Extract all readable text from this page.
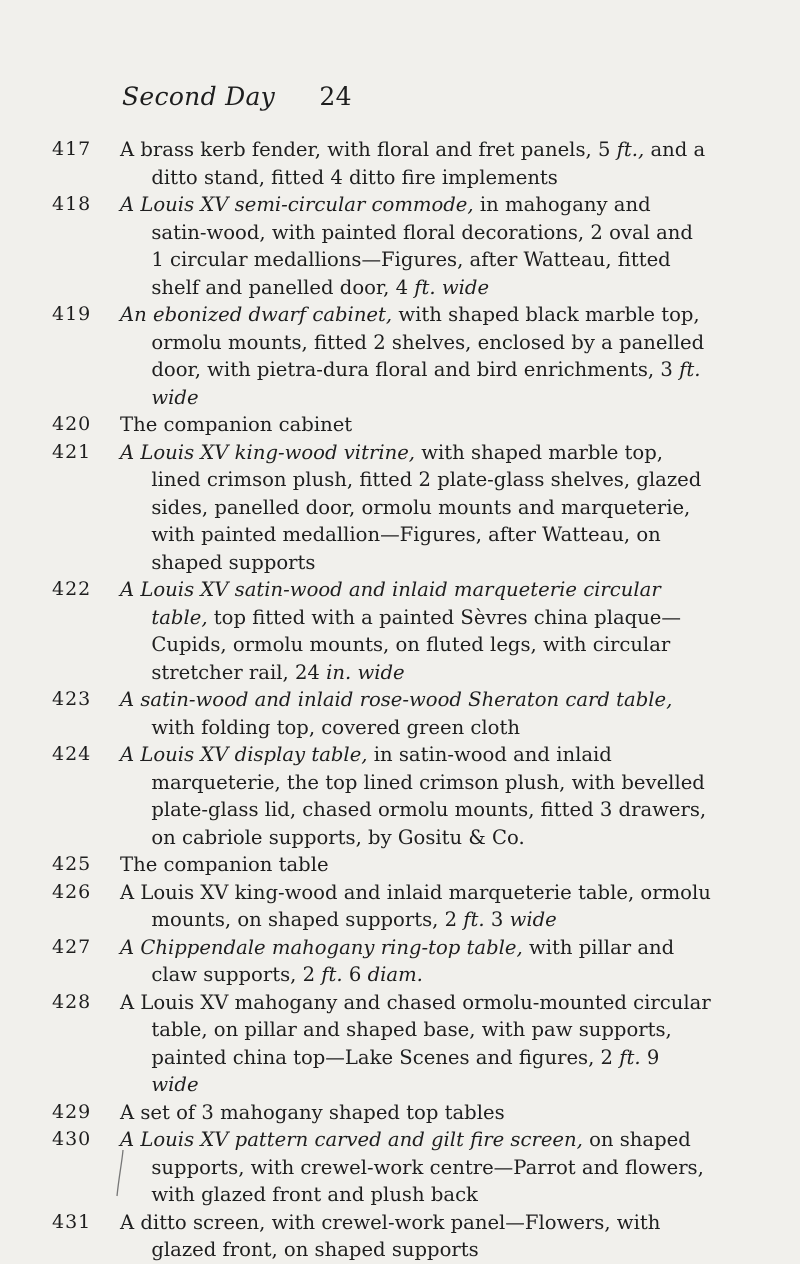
Second Day 24
417	A brass kerb fender, with floral and fret panels, 5 ft., and a ditto stand, fitted 4 ditto fire implements

418	A Louis XV semi-circular commode, in mahogany and satin-wood, with painted floral decorations, 2 oval and 1 circular medallions—Figures, after Watteau, fitted shelf and panelled door, 4 ft. wide

419	An ebonized dwarf cabinet, with shaped black marble top, ormolu mounts, fitted 2 shelves, enclosed by a panelled door, with pietra-dura floral and bird enrichments, 3 ft. wide

420	The companion cabinet

421	A Louis XV king-wood vitrine, with shaped marble top, lined crimson plush, fitted 2 plate-glass shelves, glazed sides, panelled door, ormolu mounts and marqueterie, with painted medallion—Figures, after Watteau, on shaped supports

422	A Louis XV satin-wood and inlaid marqueterie circular table, top fitted with a painted Sèvres china plaque—Cupids, ormolu mounts, on fluted legs, with circular stretcher rail, 24 in. wide

423	A satin-wood and inlaid rose-wood Sheraton card table, with folding top, covered green cloth

424	A Louis XV display table, in satin-wood and inlaid marqueterie, the top lined crimson plush, with bevelled plate-glass lid, chased ormolu mounts, fitted 3 drawers, on cabriole supports, by Gositu & Co.

425	The companion table

426	A Louis XV king-wood and inlaid marqueterie table, ormolu mounts, on shaped supports, 2 ft. 3 wide

427	A Chippendale mahogany ring-top table, with pillar and claw supports, 2 ft. 6 diam.

428	A Louis XV mahogany and chased ormolu-mounted circular table, on pillar and shaped base, with paw supports, painted china top—Lake Scenes and figures, 2 ft. 9 wide

429	A set of 3 mahogany shaped top tables

430	A Louis XV pattern carved and gilt fire screen, on shaped supports, with crewel-work centre—Parrot and flowers, with glazed front and plush back

431	A ditto screen, with crewel-work panel—Flowers, with glazed front, on shaped supports
